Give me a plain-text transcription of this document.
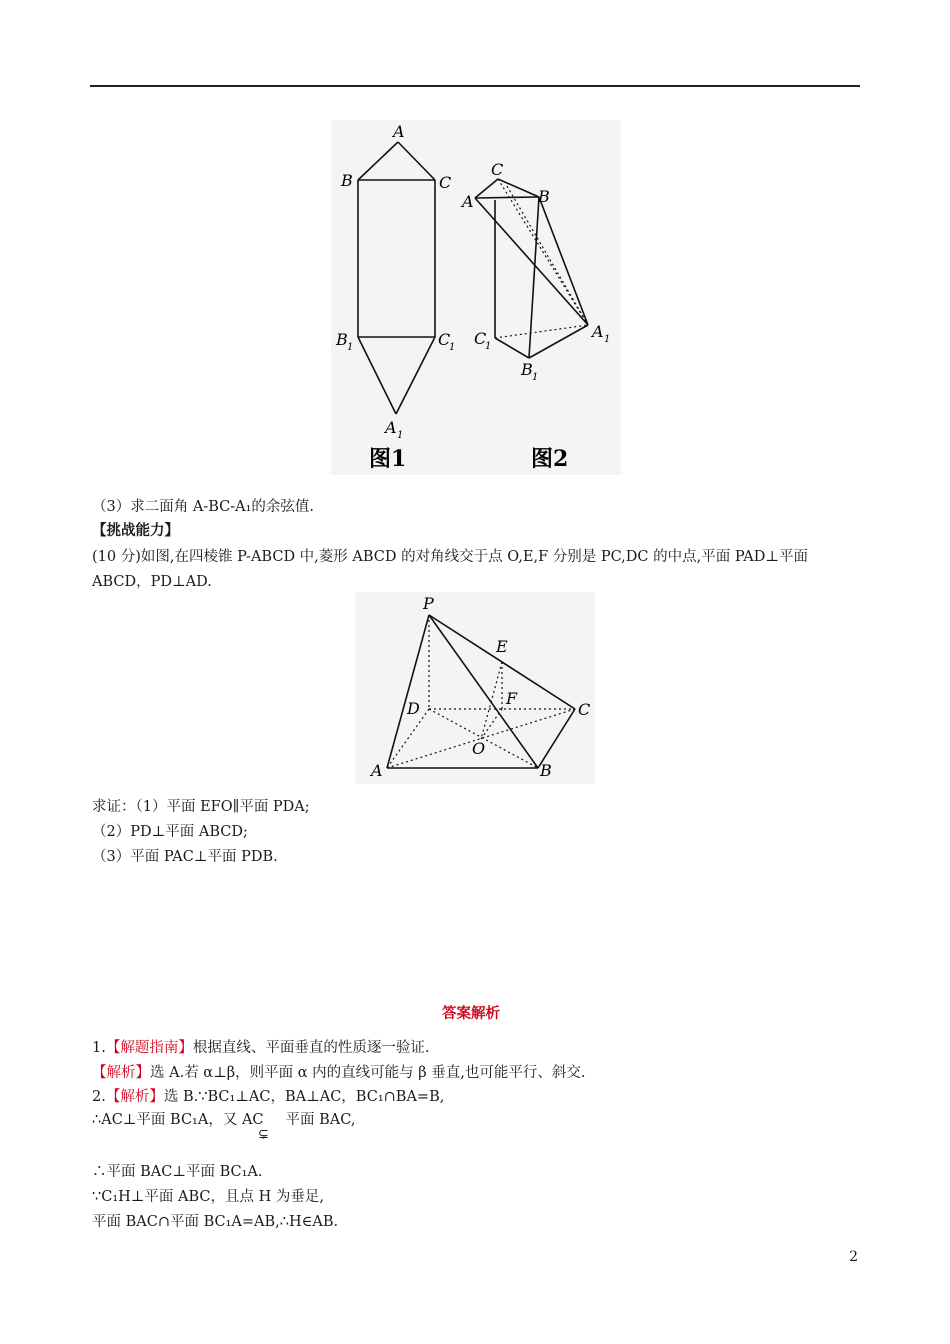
A
B	C
B 1	C
1
A 1
C
B
A
C
1
A 1
B 1
图1	图2
（3）求二面角 A-BC-A₁的余弦值.
【挑战能力】
(10 分)如图,在四棱锥 P-ABCD 中,菱形 ABCD 的对角线交于点 O,E,F 分别是 PC,DC 的中点,平面 PAD⊥平面
ABCD，PD⊥AD.
P
E
F
D	C
O
A	B
求证：（1）平面 EFO∥平面 PDA;
（2）PD⊥平面 ABCD;
（3）平面 PAC⊥平面 PDB.
答案解析
1.【解题指南】根据直线、平面垂直的性质逐一验证.
【解析】选 A.若 α⊥β，则平面 α 内的直线可能与 β 垂直,也可能平行、斜交.
2.【解析】选 B.∵BC₁⊥AC，BA⊥AC，BC₁∩BA=B,
∴AC⊥平面 BC₁A，又 AC 平面 BAC,
⊊
∴平面 BAC⊥平面 BC₁A.
∵C₁H⊥平面 ABC，且点 H 为垂足,
平面 BAC∩平面 BC₁A=AB,∴H∈AB.
2
